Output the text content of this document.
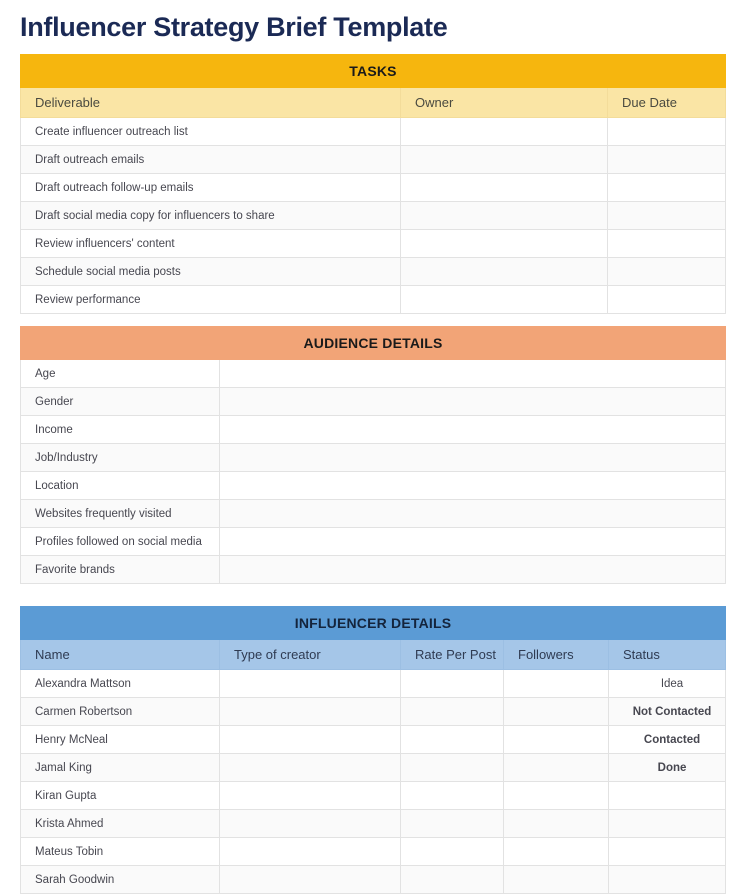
Influencer Strategy Brief Template
TASKS		
Deliverable	Owner	Due Date
Create influencer outreach list		
Draft outreach emails		
Draft outreach follow-up emails		
Draft social media copy for influencers to share		
Review influencers' content		
Schedule social media posts		
Review performance		
AUDIENCE DETAILS	
Age	
Gender	
Income	
Job/Industry	
Location	
Websites frequently visited	
Profiles followed on social media	
Favorite brands	
INFLUENCER DETAILS				
Name	Type of creator	Rate Per Post	Followers	Status
Alexandra Mattson				Idea
Carmen Robertson				Not Contacted
Henry McNeal				Contacted
Jamal King				Done
Kiran Gupta				
Krista Ahmed				
Mateus Tobin				
Sarah Goodwin				
